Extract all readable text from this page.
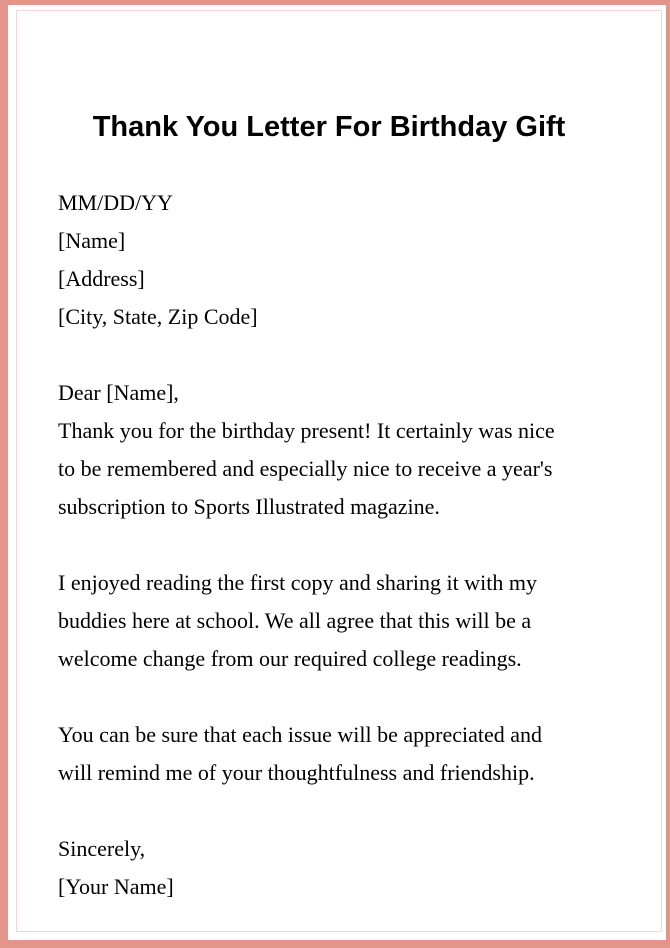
Thank You Letter For Birthday Gift
MM/DD/YY
[Name]
[Address]
[City, State, Zip Code]
Dear [Name],
Thank you for the birthday present! It certainly was nice
to be remembered and especially nice to receive a year's
subscription to Sports Illustrated magazine.
I enjoyed reading the first copy and sharing it with my
buddies here at school. We all agree that this will be a
welcome change from our required college readings.
You can be sure that each issue will be appreciated and
will remind me of your thoughtfulness and friendship.
Sincerely,
[Your Name]
